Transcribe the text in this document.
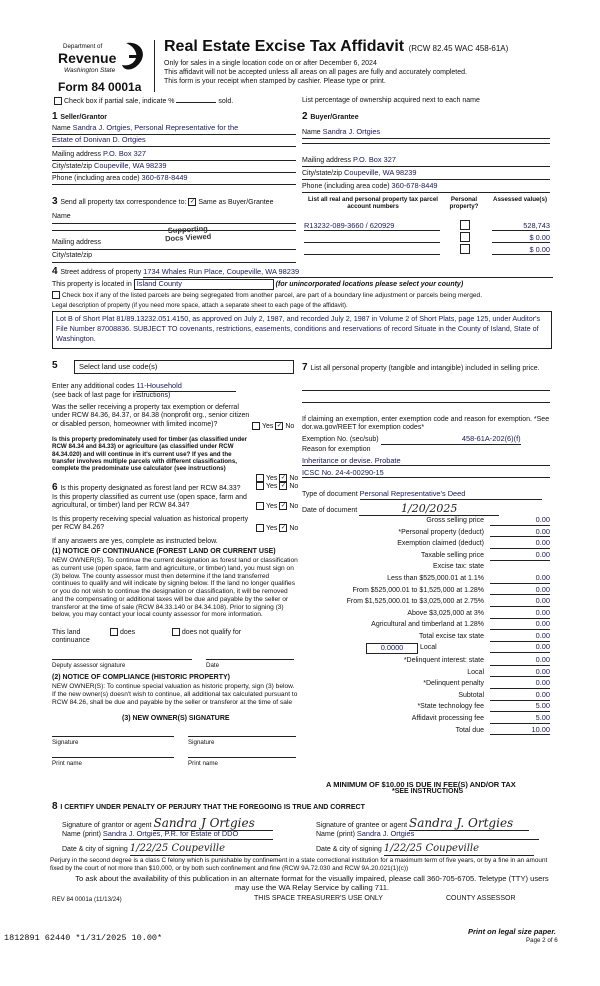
Department of
Revenue
Washington State
Form 84 0001a
Real Estate Excise Tax Affidavit (RCW 82.45 WAC 458-61A)
Only for sales in a single location code on or after December 6, 2024
This affidavit will not be accepted unless all areas on all pages are fully and accurately completed.
This form is your receipt when stamped by cashier. Please type or print.
Check box if partial sale, indicate %	sold.	List percentage of ownership acquired next to each name
1 Seller/Grantor
Name Sandra J. Ortgies, Personal Representative for the
Estate of Donivan D. Ortgies
Mailing address P.O. Box 327
City/state/zip Coupeville, WA 98239
Phone (including area code) 360-678-8449
2 Buyer/Grantee
Name Sandra J. Ortgies
Mailing address P.O. Box 327
City/state/zip Coupeville, WA 98239
Phone (including area code) 360-678-8449
3 Send all property tax correspondence to: ✓ Same as Buyer/Grantee
Name
Supporting Docs Viewed
Mailing address
City/state/zip
List all real and personal property tax parcel account numbers
Personal property?
Assessed value(s)
R13232-089-3660 / 620929	528,743
$ 0.00
$ 0.00
4 Street address of property 1734 Whales Run Place, Coupeville, WA 98239
This property is located in Island County	(for unincorporated locations please select your county)
Check box if any of the listed parcels are being segregated from another parcel, are part of a boundary line adjustment or parcels being merged.
Legal description of property (if you need more space, attach a separate sheet to each page of the affidavit).
Lot B of Short Plat 81/89.13232.051.4150, as approved on July 2, 1987, and recorded July 2, 1987 in Volume 2 of Short Plats, page 125, under Auditor's File Number 87008836. SUBJECT TO covenants, restrictions, easements, conditions and reservations of record Situate in the County of Island, State of Washington.
5	Select land use code(s)
Enter any additional codes 11-Household
(see back of last page for instructions)
Was the seller receiving a property tax exemption or deferral under RCW 84.36, 84.37, or 84.38 (nonprofit org., senior citizen or disabled person, homeowner with limited income)?	Yes ✓ No
Is this property predominately used for timber (as classified under RCW 84.34 and 84.33) or agriculture (as classified under RCW 84.34.020) and will continue in it's current use? If yes and the transfer involves multiple parcels with different classifications, complete the predominate use calculator (see instructions)
Yes ✓ No
6 Is this property designated as forest land per RCW 84.33?	Yes ✓ No
Is this property classified as current use (open space, farm and agricultural, or timber) land per RCW 84.34?	Yes ✓ No
Is this property receiving special valuation as historical property per RCW 84.26?	Yes ✓ No
If any answers are yes, complete as instructed below.
(1) NOTICE OF CONTINUANCE (FOREST LAND OR CURRENT USE)
NEW OWNER(S). To continue the current designation as forest land or classification as current use (open space, farm and agriculture, or timber) land, you must sign on (3) below. The county assessor must then determine if the land transferred continues to qualify and will indicate by signing below. If the land no longer qualifies or you do not wish to continue the designation or classification, it will be removed and the compensating or additional taxes will be due and payable by the seller or transferor at the time of sale (RCW 84.33.140 or 84.34.108). Prior to signing (3) below, you may contact your local county assessor for more information.
This land	does	does not qualify for
continuance
Deputy assessor signature	Date
(2) NOTICE OF COMPLIANCE (HISTORIC PROPERTY)
NEW OWNER(S): To continue special valuation as historic property, sign (3) below. If the new owner(s) doesn't wish to continue, all additional tax calculated pursuant to RCW 84.26, shall be due and payable by the seller or transferor at the time of sale
(3) NEW OWNER(S) SIGNATURE
Signature	Signature
Print name	Print name
7 List all personal property (tangible and intangible) included in selling price.
If claiming an exemption, enter exemption code and reason for exemption. *See dor.wa.gov/REET for exemption codes*
Exemption No. (sec/sub)	458-61A-202(6)(f)
Reason for exemption
Inheritance or devise. Probate
ICSC No. 24-4-00290-15
Type of document Personal Representative's Deed
Date of document	1/20/2025
Gross selling price	0.00
*Personal property (deduct)	0.00
Exemption claimed (deduct)	0.00
Taxable selling price	0.00
Excise tax: state
Less than $525,000.01 at 1.1%	0.00
From $525,000.01 to $1,525,000 at 1.28%	0.00
From $1,525,000.01 to $3,025,000 at 2.75%	0.00
Above $3,025,000 at 3%	0.00
Agricultural and timberland at 1.28%	0.00
Total excise tax state	0.00
0.0000	Local	0.00
*Delinquent interest: state	0.00
Local	0.00
*Delinquent penalty	0.00
Subtotal	0.00
*State technology fee	5.00
Affidavit processing fee	5.00
Total due	10.00
A MINIMUM OF $10.00 IS DUE IN FEE(S) AND/OR TAX
*SEE INSTRUCTIONS
8 I CERTIFY UNDER PENALTY OF PERJURY THAT THE FOREGOING IS TRUE AND CORRECT
Signature of grantor or agent Sandra J Ortgies	Signature of grantee or agent Sandra J. Ortgies
Name (print) Sandra J. Ortgies, P.R. for Estate of DDO	Name (print) Sandra J. Ortgies
Date & city of signing 1/22/25 Coupeville	Date & city of signing 1/22/25 Coupeville
Perjury in the second degree is a class C felony which is punishable by confinement in a state correctional institution for a maximum term of five years, or by a fine in an amount fixed by the court of not more than $10,000, or by both such confinement and fine (RCW 9A.72.030 and RCW 9A.20.021(1)(c))
To ask about the availability of this publication in an alternate format for the visually impaired, please call 360-705-6705. Teletype (TTY) users may use the WA Relay Service by calling 711.
REV 84 0001a (11/13/24)	THIS SPACE TREASURER'S USE ONLY	COUNTY ASSESSOR
1812891 62440 *1/31/2025 10.00*
Print on legal size paper.
Page 2 of 6
